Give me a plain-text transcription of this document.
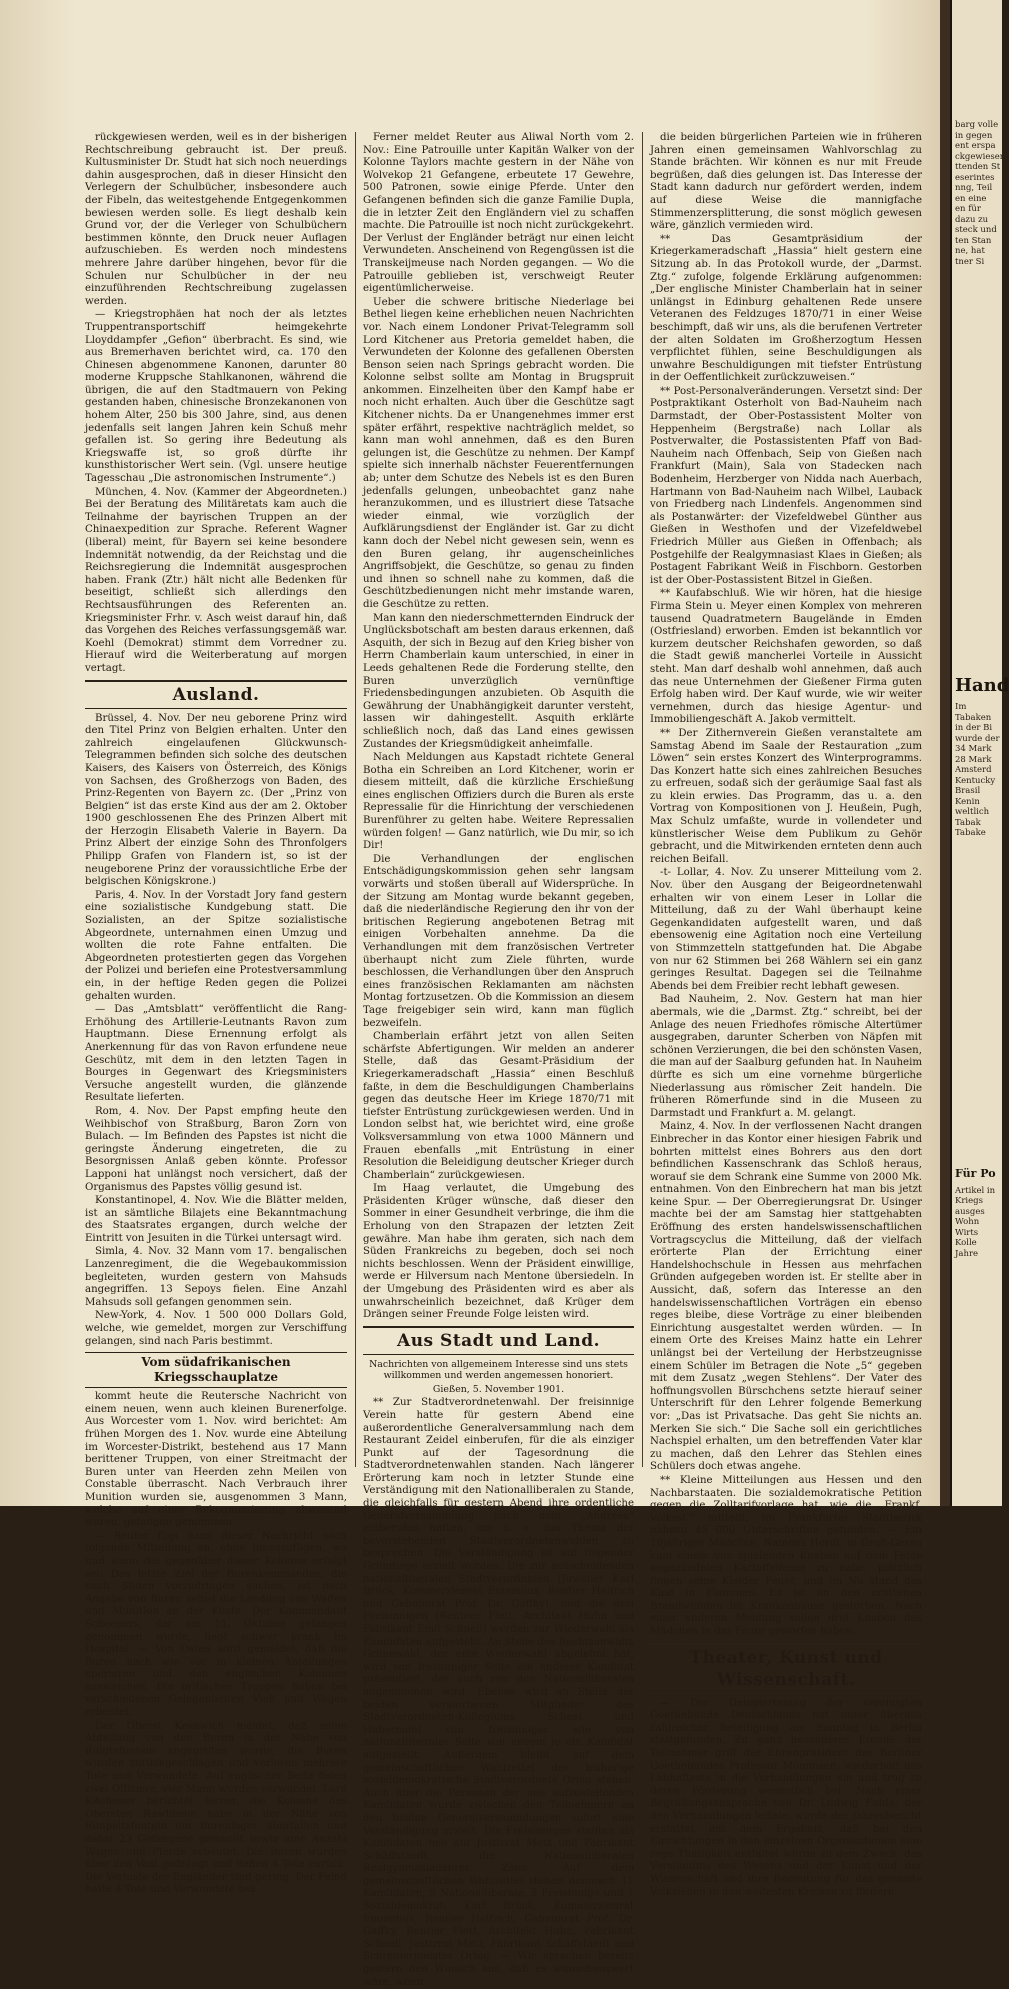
rückgewiesen werden, weil es in der bisherigen Rechtschreibung gebraucht ist. Der preuß. Kultusminister Dr. Studt hat sich noch neuerdings dahin ausgesprochen, daß in dieser Hinsicht den Verlegern der Schulbücher, insbesondere auch der Fibeln, das weitestgehende Entgegenkommen bewiesen werden solle. Es liegt deshalb kein Grund vor, der die Verleger von Schulbüchern bestimmen könnte, den Druck neuer Auflagen aufzuschieben. Es werden noch mindestens mehrere Jahre darüber hingehen, bevor für die Schulen nur Schulbücher in der neu einzuführenden Rechtschreibung zugelassen werden.

— Kriegstrophäen hat noch der als letztes Truppentransportschiff heimgekehrte Lloyddampfer „Gefion“ überbracht. Es sind, wie aus Bremerhaven berichtet wird, ca. 170 den Chinesen abgenommene Kanonen, darunter 80 moderne Kruppsche Stahlkanonen, während die übrigen, die auf den Stadtmauern von Peking gestanden haben, chinesische Bronzekanonen von hohem Alter, 250 bis 300 Jahre, sind, aus denen jedenfalls seit langen Jahren kein Schuß mehr gefallen ist. So gering ihre Bedeutung als Kriegswaffe ist, so groß dürfte ihr kunsthistorischer Wert sein. (Vgl. unsere heutige Tagesschau „Die astronomischen Instrumente“.)

München, 4. Nov. (Kammer der Abgeordneten.) Bei der Beratung des Militäretats kam auch die Teilnahme der bayrischen Truppen an der Chinaexpedition zur Sprache. Referent Wagner (liberal) meint, für Bayern sei keine besondere Indemnität notwendig, da der Reichstag und die Reichsregierung die Indemnität ausgesprochen haben. Frank (Ztr.) hält nicht alle Bedenken für beseitigt, schließt sich allerdings den Rechtsausführungen des Referenten an. Kriegsminister Frhr. v. Asch weist darauf hin, daß das Vorgehen des Reiches verfassungsgemäß war. Koehl (Demokrat) stimmt dem Vorredner zu. Hierauf wird die Weiterberatung auf morgen vertagt.

Ausland.

Brüssel, 4. Nov. Der neu geborene Prinz wird den Titel Prinz von Belgien erhalten. Unter den zahlreich eingelaufenen Glückwunsch-Telegrammen befinden sich solche des deutschen Kaisers, des Kaisers von Österreich, des Königs von Sachsen, des Großherzogs von Baden, des Prinz-Regenten von Bayern zc. (Der „Prinz von Belgien“ ist das erste Kind aus der am 2. Oktober 1900 geschlossenen Ehe des Prinzen Albert mit der Herzogin Elisabeth Valerie in Bayern. Da Prinz Albert der einzige Sohn des Thronfolgers Philipp Grafen von Flandern ist, so ist der neugeborene Prinz der voraussichtliche Erbe der belgischen Königskrone.)

Paris, 4. Nov. In der Vorstadt Jory fand gestern eine sozialistische Kundgebung statt. Die Sozialisten, an der Spitze sozialistische Abgeordnete, unternahmen einen Umzug und wollten die rote Fahne entfalten. Die Abgeordneten protestierten gegen das Vorgehen der Polizei und beriefen eine Protestversammlung ein, in der heftige Reden gegen die Polizei gehalten wurden.

— Das „Amtsblatt“ veröffentlicht die Rang-Erhöhung des Artillerie-Leutnants Ravon zum Hauptmann. Diese Ernennung erfolgt als Anerkennung für das von Ravon erfundene neue Geschütz, mit dem in den letzten Tagen in Bourges in Gegenwart des Kriegsministers Versuche angestellt wurden, die glänzende Resultate lieferten.

Rom, 4. Nov. Der Papst empfing heute den Weihbischof von Straßburg, Baron Zorn von Bulach. — Im Befinden des Papstes ist nicht die geringste Änderung eingetreten, die zu Besorgnissen Anlaß geben könnte. Professor Lapponi hat unlängst noch versichert, daß der Organismus des Papstes völlig gesund ist.

Konstantinopel, 4. Nov. Wie die Blätter melden, ist an sämtliche Bilajets eine Bekanntmachung des Staatsrates ergangen, durch welche der Eintritt von Jesuiten in die Türkei untersagt wird.

Simla, 4. Nov. 32 Mann vom 17. bengalischen Lanzenregiment, die die Wegebaukommission begleiteten, wurden gestern von Mahsuds angegriffen. 13 Sepoys fielen. Eine Anzahl Mahsuds soll gefangen genommen sein.

New-York, 4. Nov. 1 500 000 Dollars Gold, welche, wie gemeldet, morgen zur Verschiffung gelangen, sind nach Paris bestimmt.

Vom südafrikanischen Kriegsschauplatze

kommt heute die Reutersche Nachricht von einem neuen, wenn auch kleinen Burenerfolge. Aus Worcester vom 1. Nov. wird berichtet: Am frühen Morgen des 1. Nov. wurde eine Abteilung im Worcester-Distrikt, bestehend aus 17 Mann berittener Truppen, von einer Streitmacht der Buren unter van Heerden zehn Meilen von Constable überrascht. Nach Verbrauch ihrer Munition wurden sie, ausgenommen 3 Mann, welche auf einer Rekognoszierung abwesend waren, gefangen genommen.

— Reuter fügt dann dieser Nachricht noch folgende Mitteilung an, ohne hinzuzufügen, wo und wann die gegenüber dieser Kolonne erfolgt sei: Das letzte Ziel der Burenkommandos, die nach Süden vorzudringen suchen, ist nach Angabe von Buren selbst die Landung von Waffen und Munition an der Küste. Der Kommandant Scheepers, der am 11. Oktober gefangen genommen wurde, liegt schwer krank im Hospital. — Von Osten wird gemeldet, daß die Buren nach wie vor in kleinen Abteilungen operieren und den englischen Kolonnen ausweichen. Die britischen Truppen haben bei verschiedenen Gelegenheiten Vieh und Wagen erbeutet.

Der Oberst Kekewich meldet, daß seine Abteilung von den Buren in der Nähe von Ruigtefontein angegriffen wurde; die Buren wurden zurückgeschlagen und verloren mehrere Tote und Verwundete. Auf englischer Seite fielen zwei Offiziere, vier Mann wurden verwundet. Lord Kitchener berichtet ferner, die Kolonne des Obersten Rawlinson habe in der Nähe von Rimpeltsfontein ein Burenlager überfallen und dabei 23 Gefangene gemacht sowie eine Anzahl Wagen und Pferde erbeutet. Die Buren wurden über den Vaal gedrängt und ließen 4 Tote zurück. Die Verluste der Engländer sind gering. Der Feind hatte 4 Tote und Verwundete bei.

Ferner meldet Reuter aus Aliwal North vom 2. Nov.: Eine Patrouille unter Kapitän Walker von der Kolonne Taylors machte gestern in der Nähe von Wolvekop 21 Gefangene, erbeutete 17 Gewehre, 500 Patronen, sowie einige Pferde. Unter den Gefangenen befinden sich die ganze Familie Dupla, die in letzter Zeit den Engländern viel zu schaffen machte. Die Patrouille ist noch nicht zurückgekehrt. Der Verlust der Engländer beträgt nur einen leicht Verwundeten. Anscheinend von Regengüssen ist die Transkeijmeuse nach Norden gegangen. — Wo die Patrouille geblieben ist, verschweigt Reuter eigentümlicherweise.

Ueber die schwere britische Niederlage bei Bethel liegen keine erheblichen neuen Nachrichten vor. Nach einem Londoner Privat-Telegramm soll Lord Kitchener aus Pretoria gemeldet haben, die Verwundeten der Kolonne des gefallenen Obersten Benson seien nach Springs gebracht worden. Die Kolonne selbst sollte am Montag in Brugspruit ankommen. Einzelheiten über den Kampf habe er noch nicht erhalten. Auch über die Geschütze sagt Kitchener nichts. Da er Unangenehmes immer erst später erfährt, respektive nachträglich meldet, so kann man wohl annehmen, daß es den Buren gelungen ist, die Geschütze zu nehmen. Der Kampf spielte sich innerhalb nächster Feuerentfernungen ab; unter dem Schutze des Nebels ist es den Buren jedenfalls gelungen, unbeobachtet ganz nahe heranzukommen, und es illustriert diese Tatsache wieder einmal, wie vorzüglich der Aufklärungsdienst der Engländer ist. Gar zu dicht kann doch der Nebel nicht gewesen sein, wenn es den Buren gelang, ihr augenscheinliches Angriffsobjekt, die Geschütze, so genau zu finden und ihnen so schnell nahe zu kommen, daß die Geschützbedienungen nicht mehr imstande waren, die Geschütze zu retten.

Man kann den niederschmetternden Eindruck der Unglücksbotschaft am besten daraus erkennen, daß Asquith, der sich in Bezug auf den Krieg bisher von Herrn Chamberlain kaum unterschied, in einer in Leeds gehaltenen Rede die Forderung stellte, den Buren unverzüglich vernünftige Friedensbedingungen anzubieten. Ob Asquith die Gewährung der Unabhängigkeit darunter versteht, lassen wir dahingestellt. Asquith erklärte schließlich noch, daß das Land eines gewissen Zustandes der Kriegsmüdigkeit anheimfalle.

Nach Meldungen aus Kapstadt richtete General Botha ein Schreiben an Lord Kitchener, worin er diesem mitteilt, daß die kürzliche Erschießung eines englischen Offiziers durch die Buren als erste Repressalie für die Hinrichtung der verschiedenen Burenführer zu gelten habe. Weitere Repressalien würden folgen! — Ganz natürlich, wie Du mir, so ich Dir!

Die Verhandlungen der englischen Entschädigungskommission gehen sehr langsam vorwärts und stoßen überall auf Widersprüche. In der Sitzung am Montag wurde bekannt gegeben, daß die niederländische Regierung den ihr von der britischen Regierung angebotenen Betrag mit einigen Vorbehalten annehme. Da die Verhandlungen mit dem französischen Vertreter überhaupt nicht zum Ziele führten, wurde beschlossen, die Verhandlungen über den Anspruch eines französischen Reklamanten am nächsten Montag fortzusetzen. Ob die Kommission an diesem Tage freigebiger sein wird, kann man füglich bezweifeln.

Chamberlain erfährt jetzt von allen Seiten schärfste Abfertigungen. Wir melden an anderer Stelle, daß das Gesamt-Präsidium der Kriegerkameradschaft „Hassia“ einen Beschluß faßte, in dem die Beschuldigungen Chamberlains gegen das deutsche Heer im Kriege 1870/71 mit tiefster Entrüstung zurückgewiesen werden. Und in London selbst hat, wie berichtet wird, eine große Volksversammlung von etwa 1000 Männern und Frauen ebenfalls „mit Entrüstung in einer Resolution die Beleidigung deutscher Krieger durch Chamberlain“ zurückgewiesen.

Im Haag verlautet, die Umgebung des Präsidenten Krüger wünsche, daß dieser den Sommer in einer Gesundheit verbringe, die ihm die Erholung von den Strapazen der letzten Zeit gewähre. Man habe ihm geraten, sich nach dem Süden Frankreichs zu begeben, doch sei noch nichts beschlossen. Wenn der Präsident einwillige, werde er Hilversum nach Mentone übersiedeln. In der Umgebung des Präsidenten wird es aber als unwahrscheinlich bezeichnet, daß Krüger dem Drängen seiner Freunde Folge leisten wird.

Aus Stadt und Land.
Nachrichten von allgemeinem Interesse sind uns stets willkommen und werden angemessen honoriert.
Gießen, 5. November 1901.

** Zur Stadtverordnetenwahl. Der freisinnige Verein hatte für gestern Abend eine außerordentliche Generalversammlung nach dem Restaurant Zeidel einberufen, für die als einziger Punkt auf der Tagesordnung die Stadtverordnetenwahlen standen. Nach längerer Erörterung kam noch in letzter Stunde eine Verständigung mit den Nationalliberalen zu Stande, die gleichfalls für gestern Abend ihre ordentliche Generalversammlung nach dem „Andrees“ einberufen hatten, um u. a. das Thema der bevorstehenden Stadtverordnetenwahlen zu besprechen. Die Verständigung ist auf folgender Grundlage erzielt worden: Die zur ausscheidenden nationalliberalen Stadtverordneten (Juwelier Karl Brück, Kommerzienrat Emmelius, Rentier Helfrich und Geheimrat Prof. Dr. Gaffky), und die drei Freisinnigen (Rentner Flett, Architekt Huhn und Fabrikant Emil Schnell) werden zur Wiederwahl als Kandidaten aufgestellt. An Stelle des Rechtsanwalts Grünewald, der eine Wiederwahl abgelehnt hat, wird von freisinniger Seite ein anderer Kandidat präsentiert, der auch von den Nationalliberalen angenommen wird. Ebenso wird an Stelle der beiden verstorbenen Mitglieder des Stadtverordneten-Kollegiums Scheel und Habermehl von freisinniger wie von nationalliberaler Seite von neuem je ein Kandidat aufgestellt. Außerdem bleibt auf dem gemeinschaftlichen Wahlzettel der bisherige sozialdemokratische Stadtverordnete Orbig stehen. Auch über die Personen der neu aufzustellenden Kandidaten wurde zwischen den Teilnehmern an den beiden Generalversammlungen sofort eine Verständigung erzielt. Die Freisinnigen stellten als Kandidaten neu auf Justizrat Metz und Fabrikant Schäffstaedt, die Nationalliberalen Realgymnasiallehrer Zann. Auf dem gemeinschaftlichen Wahlzettel stehen demnach 11 Kandidaten, 5 Nationalliberale, 5 Freisinnige und 1 Sozialdemokrat: Karl Brück, Kommerzienrat Emmelius, Rentier Helfrich, Geheimrat Prof. Dr. Gaffky, Rentier Flett, Architekt Huhn, Fabrikant Schnell, Justizrat Metz, Fabrikant Schäffstaedt und Schreinermeister Orbig. — Wir sprachen bereits gestern den Wunsch aus, daß es wünschenswert wäre, wenn

die beiden bürgerlichen Parteien wie in früheren Jahren einen gemeinsamen Wahlvorschlag zu Stande brächten. Wir können es nur mit Freude begrüßen, daß dies gelungen ist. Das Interesse der Stadt kann dadurch nur gefördert werden, indem auf diese Weise die mannigfache Stimmenzersplitterung, die sonst möglich gewesen wäre, gänzlich vermieden wird.

** Das Gesamtpräsidium der Kriegerkameradschaft „Hassia“ hielt gestern eine Sitzung ab. In das Protokoll wurde, der „Darmst. Ztg.“ zufolge, folgende Erklärung aufgenommen: „Der englische Minister Chamberlain hat in seiner unlängst in Edinburg gehaltenen Rede unsere Veteranen des Feldzuges 1870/71 in einer Weise beschimpft, daß wir uns, als die berufenen Vertreter der alten Soldaten im Großherzogtum Hessen verpflichtet fühlen, seine Beschuldigungen als unwahre Beschuldigungen mit tiefster Entrüstung in der Oeffentlichkeit zurückzuweisen.“

** Post-Personalveränderungen. Versetzt sind: Der Postpraktikant Osterholt von Bad-Nauheim nach Darmstadt, der Ober-Postassistent Molter von Heppenheim (Bergstraße) nach Lollar als Postverwalter, die Postassistenten Pfaff von Bad-Nauheim nach Offenbach, Seip von Gießen nach Frankfurt (Main), Sala von Stadecken nach Bodenheim, Herzberger von Nidda nach Auerbach, Hartmann von Bad-Nauheim nach Wilbel, Lauback von Friedberg nach Lindenfels. Angenommen sind als Postanwärter: der Vizefeldwebel Günther aus Gießen in Westhofen und der Vizefeldwebel Friedrich Müller aus Gießen in Offenbach; als Postgehilfe der Realgymnasiast Klaes in Gießen; als Postagent Fabrikant Weiß in Fischborn. Gestorben ist der Ober-Postassistent Bitzel in Gießen.

** Kaufabschluß. Wie wir hören, hat die hiesige Firma Stein u. Meyer einen Komplex von mehreren tausend Quadratmetern Baugelände in Emden (Ostfriesland) erworben. Emden ist bekanntlich vor kurzem deutscher Reichshafen geworden, so daß die Stadt gewiß mancherlei Vorteile in Aussicht steht. Man darf deshalb wohl annehmen, daß auch das neue Unternehmen der Gießener Firma guten Erfolg haben wird. Der Kauf wurde, wie wir weiter vernehmen, durch das hiesige Agentur- und Immobiliengeschäft A. Jakob vermittelt.

** Der Zithernverein Gießen veranstaltete am Samstag Abend im Saale der Restauration „zum Löwen“ sein erstes Konzert des Winterprogramms. Das Konzert hatte sich eines zahlreichen Besuches zu erfreuen, sodaß sich der geräumige Saal fast als zu klein erwies. Das Programm, das u. a. den Vortrag von Kompositionen von J. Heußein, Pugh, Max Schulz umfaßte, wurde in vollendeter und künstlerischer Weise dem Publikum zu Gehör gebracht, und die Mitwirkenden ernteten denn auch reichen Beifall.

-t- Lollar, 4. Nov. Zu unserer Mitteilung vom 2. Nov. über den Ausgang der Beigeordnetenwahl erhalten wir von einem Leser in Lollar die Mitteilung, daß zu der Wahl überhaupt keine Gegenkandidaten aufgestellt waren, und daß ebensowenig eine Agitation noch eine Verteilung von Stimmzetteln stattgefunden hat. Die Abgabe von nur 62 Stimmen bei 268 Wählern sei ein ganz geringes Resultat. Dagegen sei die Teilnahme Abends bei dem Freibier recht lebhaft gewesen.

Bad Nauheim, 2. Nov. Gestern hat man hier abermals, wie die „Darmst. Ztg.“ schreibt, bei der Anlage des neuen Friedhofes römische Altertümer ausgegraben, darunter Scherben von Näpfen mit schönen Verzierungen, die bei den schönsten Vasen, die man auf der Saalburg gefunden hat. In Nauheim dürfte es sich um eine vornehme bürgerliche Niederlassung aus römischer Zeit handeln. Die früheren Römerfunde sind in die Museen zu Darmstadt und Frankfurt a. M. gelangt.

Mainz, 4. Nov. In der verflossenen Nacht drangen Einbrecher in das Kontor einer hiesigen Fabrik und bohrten mittelst eines Bohrers aus den dort befindlichen Kassenschrank das Schloß heraus, worauf sie dem Schrank eine Summe von 2000 Mk. entnahmen. Von den Einbrechern hat man bis jetzt keine Spur. — Der Oberregierungsrat Dr. Usinger machte bei der am Samstag hier stattgehabten Eröffnung des ersten handelswissenschaftlichen Vortragscyclus die Mitteilung, daß der vielfach erörterte Plan der Errichtung einer Handelshochschule in Hessen aus mehrfachen Gründen aufgegeben worden ist. Er stellte aber in Aussicht, daß, sofern das Interesse an den handelswissenschaftlichen Vorträgen ein ebenso reges bleibe, diese Vorträge zu einer bleibenden Einrichtung ausgestaltet werden würden. — In einem Orte des Kreises Mainz hatte ein Lehrer unlängst bei der Verteilung der Herbstzeugnisse einem Schüler im Betragen die Note „5“ gegeben mit dem Zusatz „wegen Stehlens“. Der Vater des hoffnungsvollen Bürschchens setzte hierauf seiner Unterschrift für den Lehrer folgende Bemerkung vor: „Das ist Privatsache. Das geht Sie nichts an. Merken Sie sich.“ Die Sache soll ein gerichtliches Nachspiel erhalten, um den betreffenden Vater klar zu machen, daß den Lehrer das Stehlen eines Schülers doch etwas angehe.

** Kleine Mitteilungen aus Hessen und den Nachbarstaaten. Die sozialdemokratische Petition gegen die Zolltarifvorlage hat, wie die „Frankf. Volksst.“ mitteilt, im Frankfurter Stadtbezirk nahezu 45 000 Unterschriften gefunden. — Ein 10jähriges Mädchen, Namens Herdt, in Groß-Gerau kam einem von spielenden Knaben auf dem Felde angezündeten Kartoffelfeuer zu nahe, plötzlich fingen seine Kleider Feuer, und im Nu stand das Kind in Flammen. Es ist an den erlittenen Brandwunden im Krankenhause gestorben. Nach einer anderen Meldung sollen drei Knaben das Mädchen in das Feuer geworfen haben.

Theater, Kunst und Wissenschaft.

— Der Delegiertentag der vereinigten Goethebünde Deutschlands hat unter überaus zahlreicher Beteiligung am Sonntag in Berlin stattgefunden. Zu ganz besonderer Freude der Teilnehmer griff der Ehrenpräsident des Berliner Goethebundes Professor Mommsen, wiederholt aus Lebhafteste in die Verhandlungen ein und trug zu deren Förderung wesentlich bei. Nach einer Begrüßungsansprache von Dr. Ludwig Fulda, der den Verhandlungen leitete, wurde der Jahresbericht erstattet mit dem Ergebnis, daß bei den Einrichtungen in den einzelnen Organisationen eine rege Thätigkeit entfaltet wurde zu dem Zweck, das Verständnis des Wesens und der Kunst und der Wissenschaft und ihre Bedeutung für das gesamte Volksleben in den weitesten Kreisen zu fördern.

barg volle
in gegen
ent erspa
ckgewiesen
ttenden St
eserintes
nng, Teil
en eine
en für
dazu zu
steck und
ten Stan
ne, hat
tner Si
Hand
Im
Tabaken
in der Bi
wurde der
34 Mark
28 Mark
Amsterd
Kentucky
Brasil
Kenin
weltlich
Tabak
Tabake
Für Po
Artikel in
Kriegs
ausges
Wohn
Wirts
Kolle
Jahre
